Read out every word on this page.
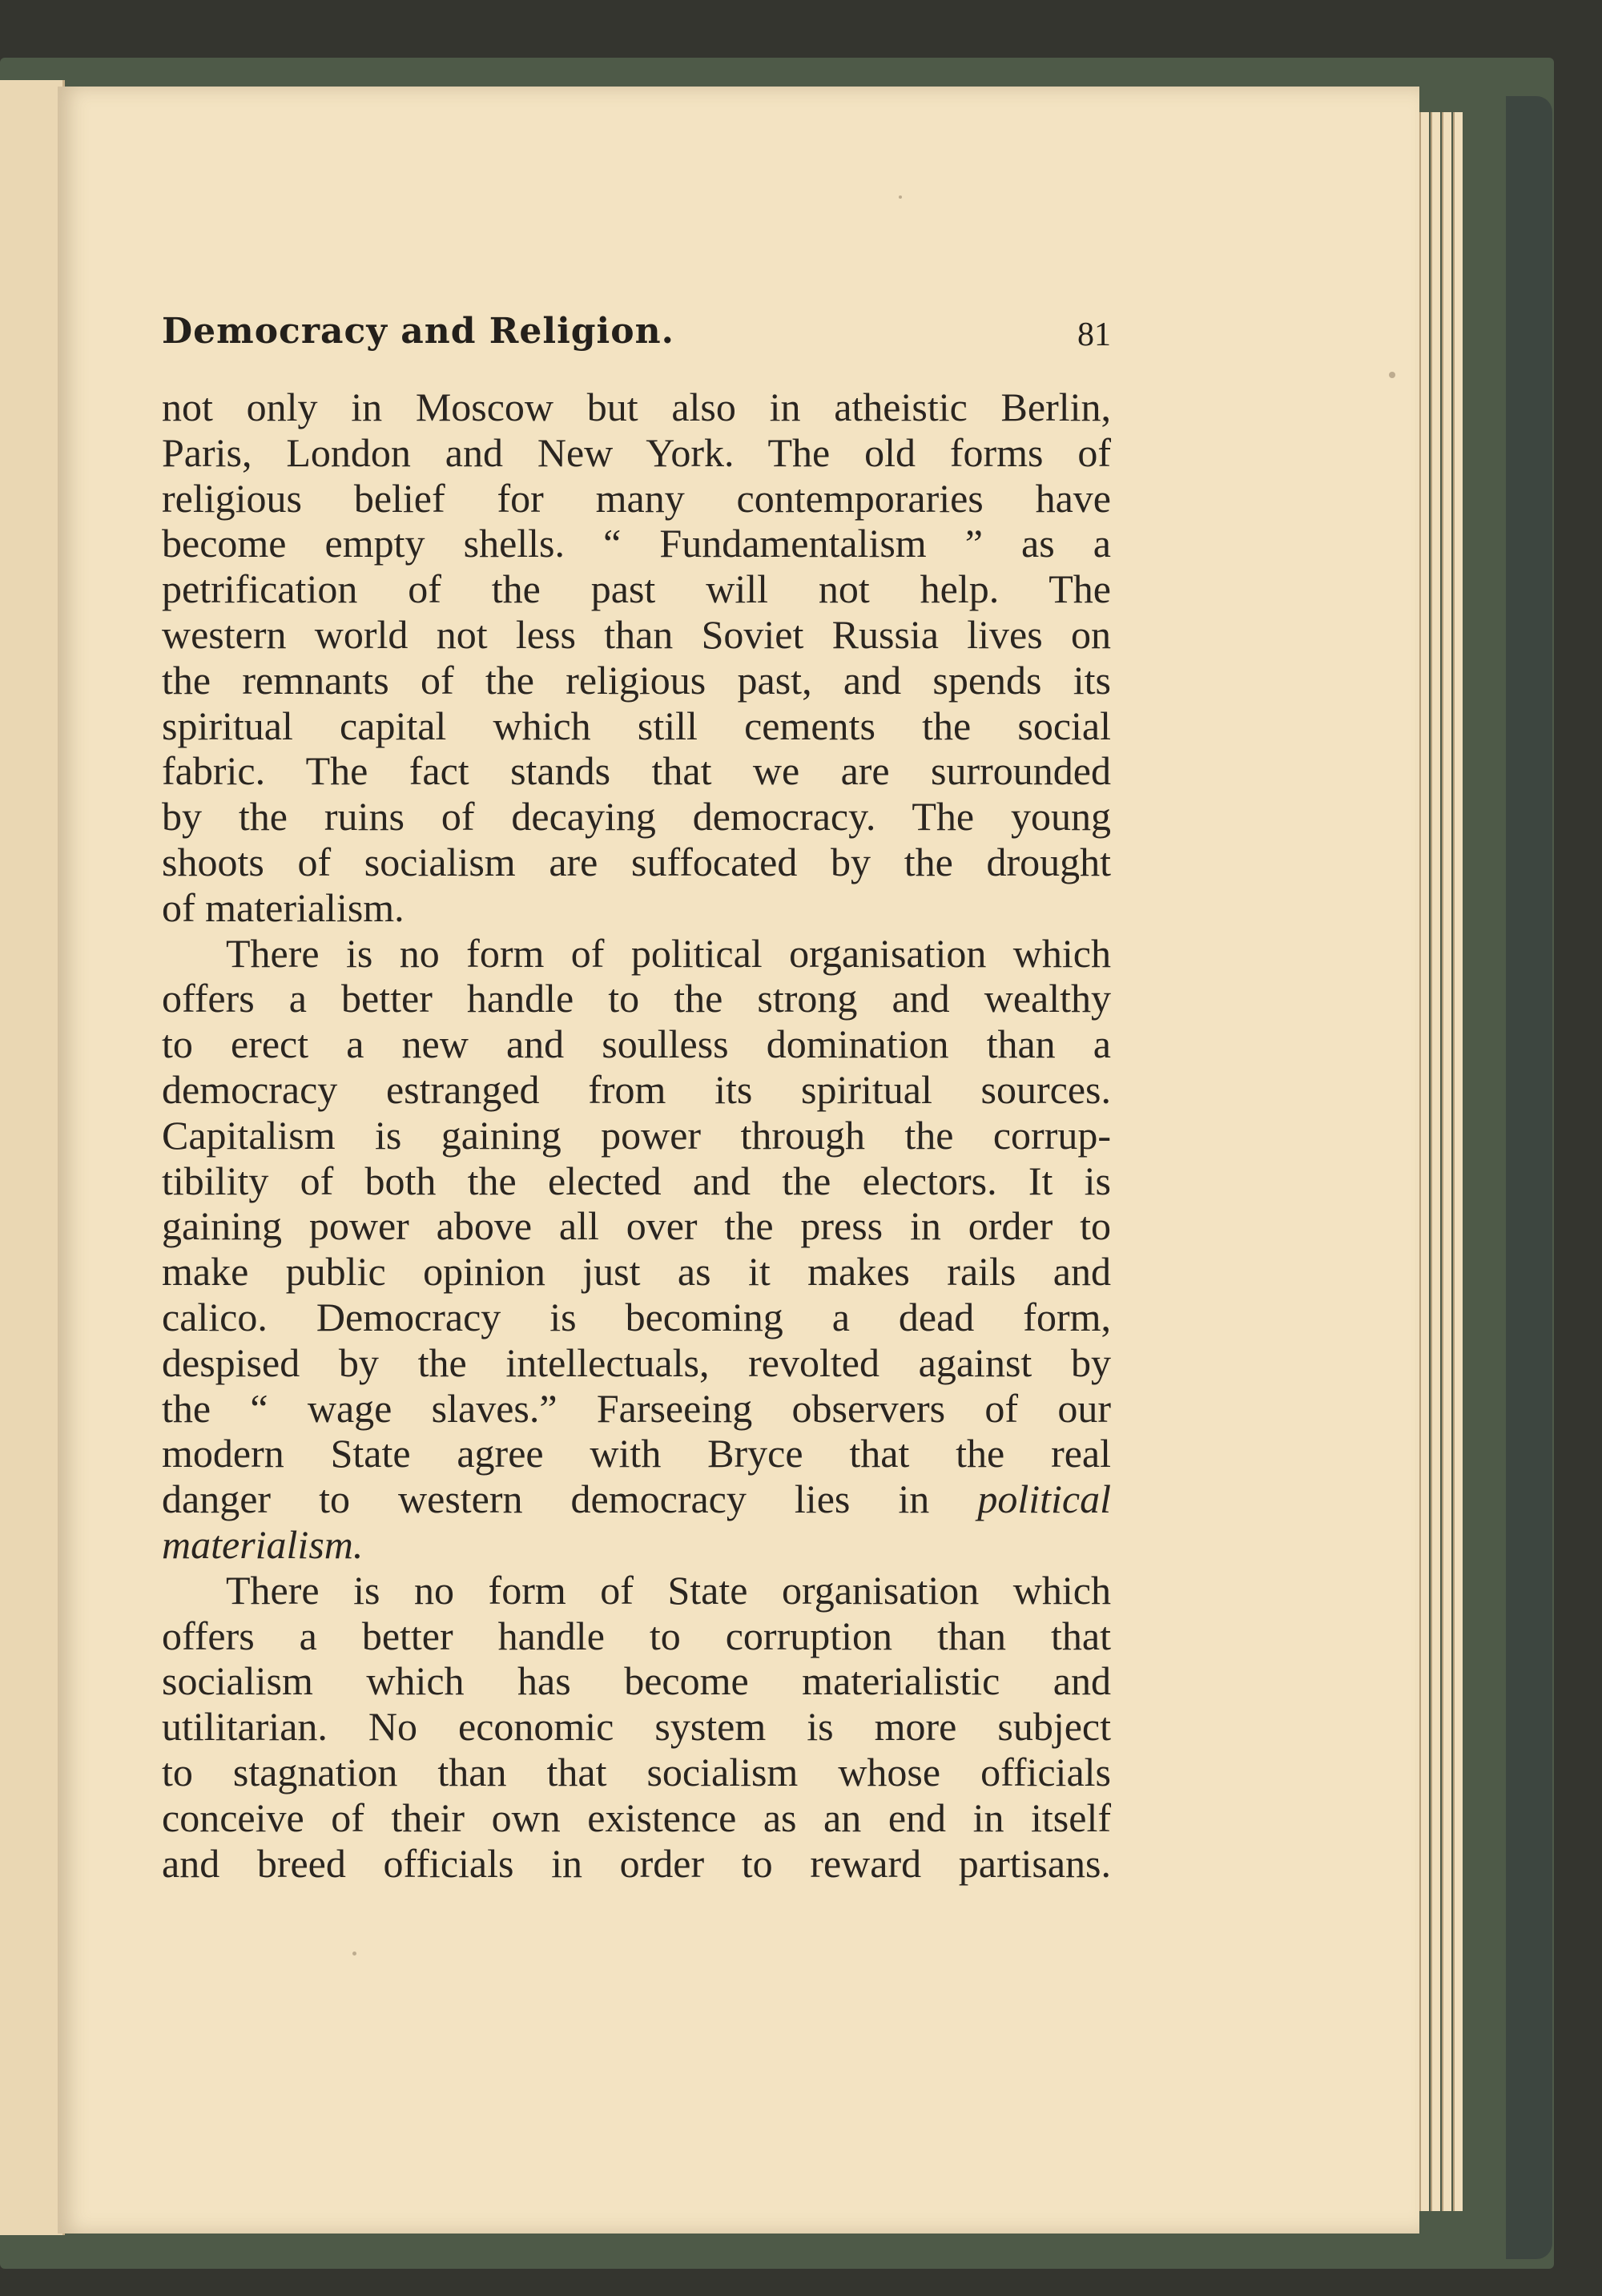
Democracy and Religion.	81
not only in Moscow but also in atheistic Berlin,
Paris, London and New York. The old forms of
religious belief for many contemporaries have
become empty shells. “ Fundamentalism ” as a
petrification of the past will not help. The
western world not less than Soviet Russia lives on
the remnants of the religious past, and spends its
spiritual capital which still cements the social
fabric. The fact stands that we are surrounded
by the ruins of decaying democracy. The young
shoots of socialism are suffocated by the drought
of materialism.
There is no form of political organisation which
offers a better handle to the strong and wealthy
to erect a new and soulless domination than a
democracy estranged from its spiritual sources.
Capitalism is gaining power through the corrup-
tibility of both the elected and the electors. It is
gaining power above all over the press in order to
make public opinion just as it makes rails and
calico. Democracy is becoming a dead form,
despised by the intellectuals, revolted against by
the “ wage slaves.” Farseeing observers of our
modern State agree with Bryce that the real
danger to western democracy lies in political
materialism.
There is no form of State organisation which
offers a better handle to corruption than that
socialism which has become materialistic and
utilitarian. No economic system is more subject
to stagnation than that socialism whose officials
conceive of their own existence as an end in itself
and breed officials in order to reward partisans.
